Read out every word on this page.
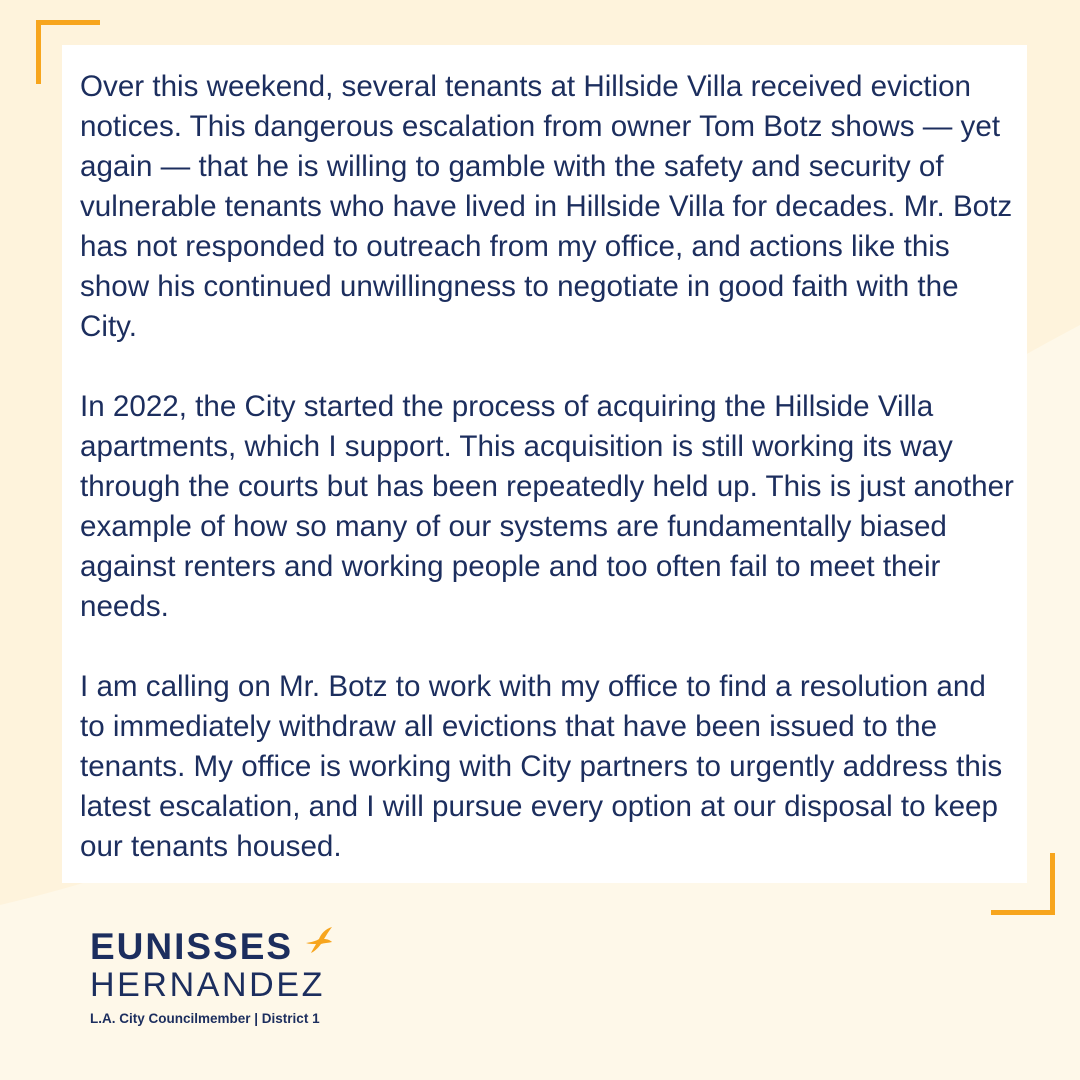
Over this weekend, several tenants at Hillside Villa received eviction notices. This dangerous escalation from owner Tom Botz shows — yet again — that he is willing to gamble with the safety and security of vulnerable tenants who have lived in Hillside Villa for decades. Mr. Botz has not responded to outreach from my office, and actions like this show his continued unwillingness to negotiate in good faith with the City.

In 2022, the City started the process of acquiring the Hillside Villa apartments, which I support. This acquisition is still working its way through the courts but has been repeatedly held up. This is just another example of how so many of our systems are fundamentally biased against renters and working people and too often fail to meet their needs.

I am calling on Mr. Botz to work with my office to find a resolution and to immediately withdraw all evictions that have been issued to the tenants. My office is working with City partners to urgently address this latest escalation, and I will pursue every option at our disposal to keep our tenants housed.

EUNISSES
HERNANDEZ
L.A. City Councilmember | District 1
